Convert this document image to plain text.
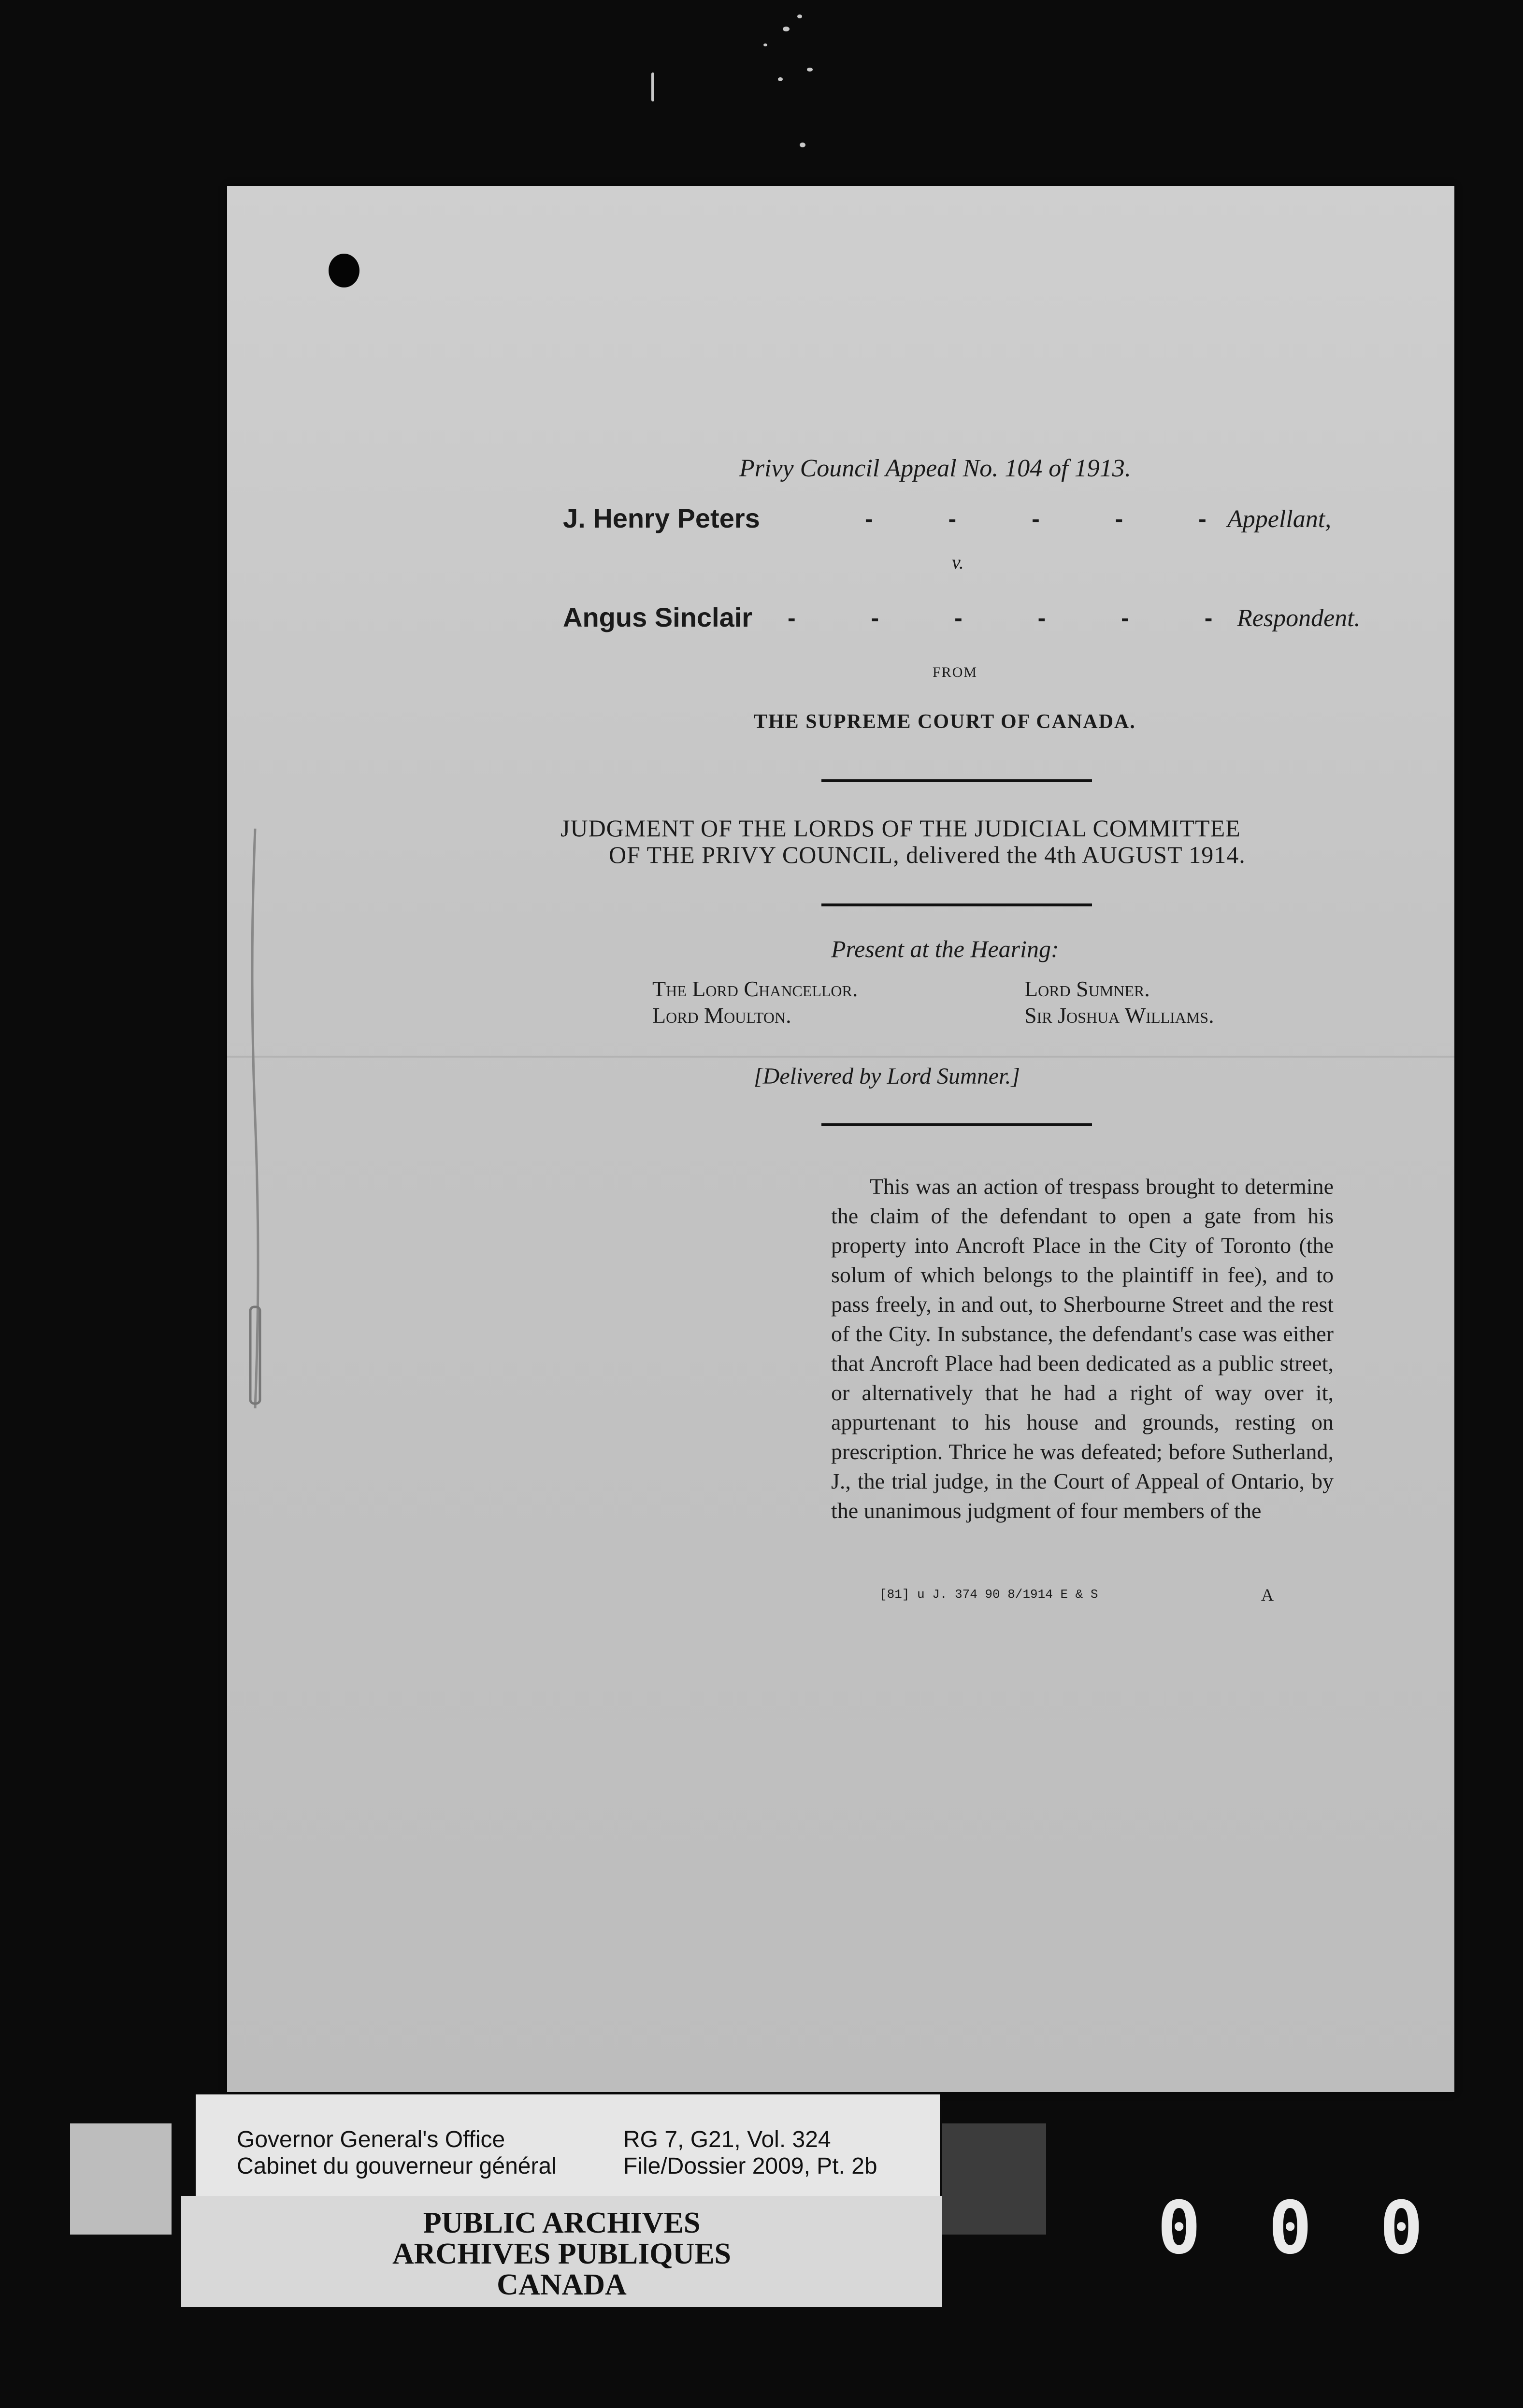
Privy Council Appeal No. 104 of 1913.
J. Henry Peters	- - - - - Appellant,
v.
Angus Sinclair - - - - - - Respondent.
FROM
THE SUPREME COURT OF CANADA.
JUDGMENT OF THE LORDS OF THE JUDICIAL COMMITTEE
OF THE PRIVY COUNCIL, delivered the 4th AUGUST 1914.
Present at the Hearing:
The Lord Chancellor.
Lord Moulton.
Lord Sumner.
Sir Joshua Williams.
[Delivered by Lord Sumner.]
This was an action of trespass brought to determine the claim of the defendant to open a gate from his property into Ancroft Place in the City of Toronto (the solum of which belongs to the plaintiff in fee), and to pass freely, in and out, to Sherbourne Street and the rest of the City. In substance, the defendant's case was either that Ancroft Place had been dedicated as a public street, or alternatively that he had a right of way over it, appurtenant to his house and grounds, resting on prescription. Thrice he was defeated; before Sutherland, J., the trial judge, in the Court of Appeal of Ontario, by the unanimous judgment of four members of the
[81] u J. 374 90 8/1914 E & S	A
Governor General's Office
Cabinet du gouverneur général
RG 7, G21, Vol. 324
File/Dossier 2009, Pt. 2b
PUBLIC ARCHIVES
ARCHIVES PUBLIQUES
CANADA
0 0 0
